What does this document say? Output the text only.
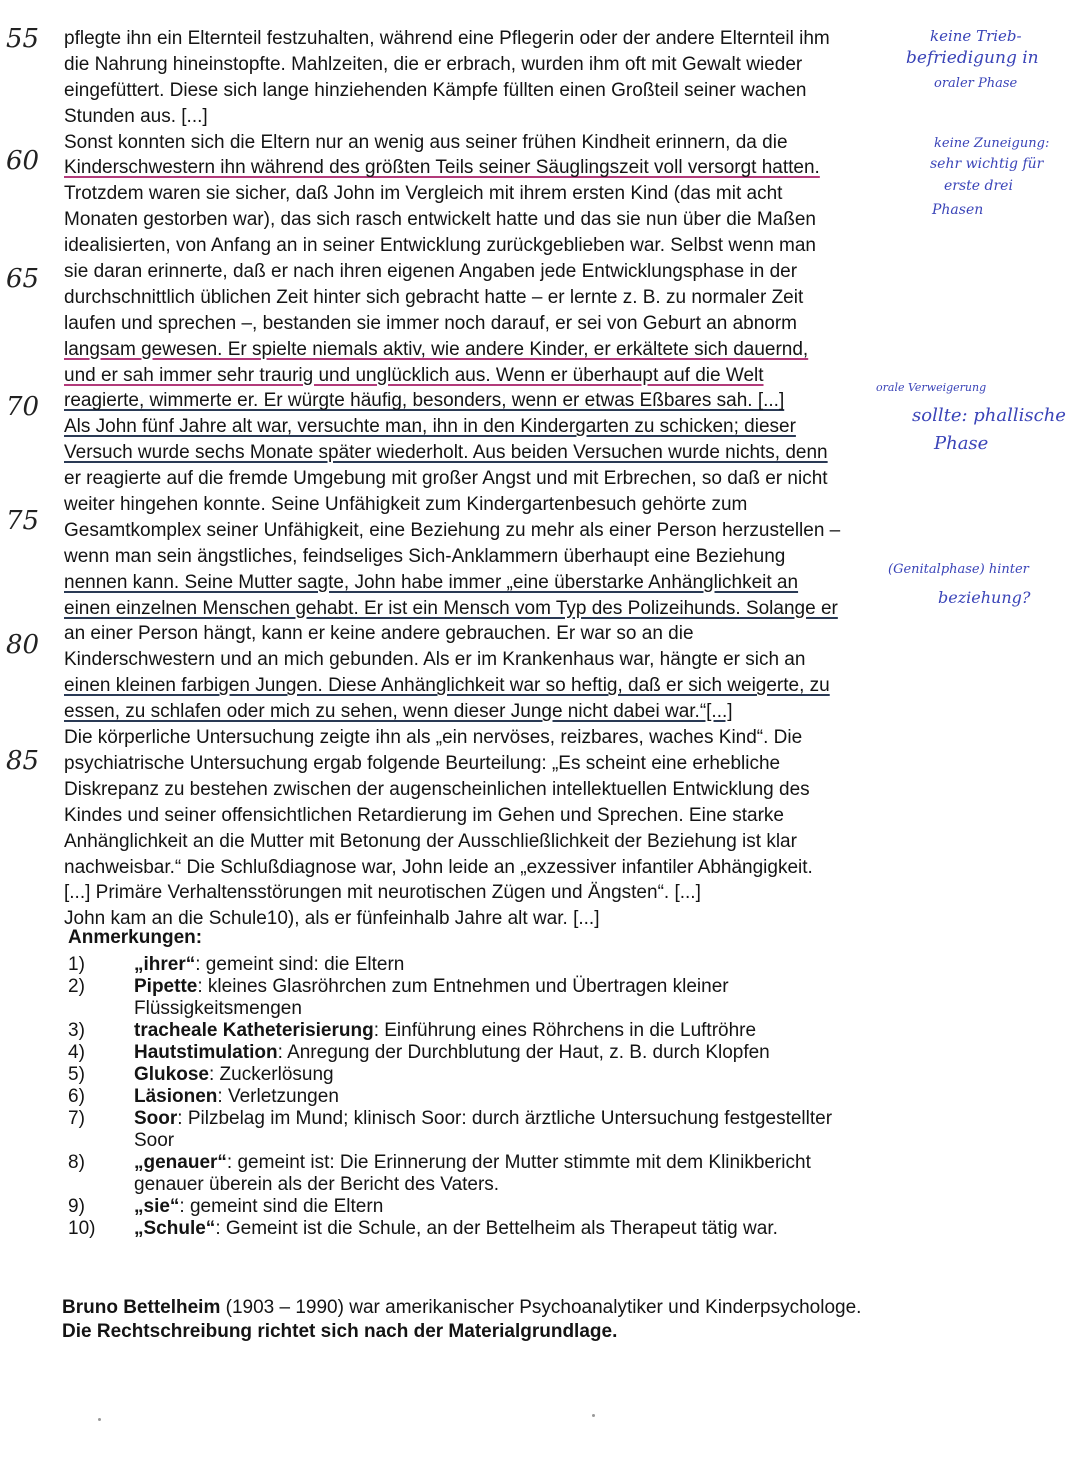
pflegte ihn ein Elternteil festzuhalten, während eine Pflegerin oder der andere Elternteil ihm
die Nahrung hineinstopfte. Mahlzeiten, die er erbrach, wurden ihm oft mit Gewalt wieder
eingefüttert. Diese sich lange hinziehenden Kämpfe füllten einen Großteil seiner wachen
Stunden aus. [...]
Sonst konnten sich die Eltern nur an wenig aus seiner frühen Kindheit erinnern, da die
Kinderschwestern ihn während des größten Teils seiner Säuglingszeit voll versorgt hatten.
Trotzdem waren sie sicher, daß John im Vergleich mit ihrem ersten Kind (das mit acht
Monaten gestorben war), das sich rasch entwickelt hatte und das sie nun über die Maßen
idealisierten, von Anfang an in seiner Entwicklung zurückgeblieben war. Selbst wenn man
sie daran erinnerte, daß er nach ihren eigenen Angaben jede Entwicklungsphase in der
durchschnittlich üblichen Zeit hinter sich gebracht hatte – er lernte z. B. zu normaler Zeit
laufen und sprechen –, bestanden sie immer noch darauf, er sei von Geburt an abnorm
langsam gewesen. Er spielte niemals aktiv, wie andere Kinder, er erkältete sich dauernd,
und er sah immer sehr traurig und unglücklich aus. Wenn er überhaupt auf die Welt
reagierte, wimmerte er. Er würgte häufig, besonders, wenn er etwas Eßbares sah. [...]
Als John fünf Jahre alt war, versuchte man, ihn in den Kindergarten zu schicken; dieser
Versuch wurde sechs Monate später wiederholt. Aus beiden Versuchen wurde nichts, denn
er reagierte auf die fremde Umgebung mit großer Angst und mit Erbrechen, so daß er nicht
weiter hingehen konnte. Seine Unfähigkeit zum Kindergartenbesuch gehörte zum
Gesamtkomplex seiner Unfähigkeit, eine Beziehung zu mehr als einer Person herzustellen –
wenn man sein ängstliches, feindseliges Sich-Anklammern überhaupt eine Beziehung
nennen kann. Seine Mutter sagte, John habe immer „eine überstarke Anhänglichkeit an
einen einzelnen Menschen gehabt. Er ist ein Mensch vom Typ des Polizeihunds. Solange er
an einer Person hängt, kann er keine andere gebrauchen. Er war so an die
Kinderschwestern und an mich gebunden. Als er im Krankenhaus war, hängte er sich an
einen kleinen farbigen Jungen. Diese Anhänglichkeit war so heftig, daß er sich weigerte, zu
essen, zu schlafen oder mich zu sehen, wenn dieser Junge nicht dabei war.“[...]
Die körperliche Untersuchung zeigte ihn als „ein nervöses, reizbares, waches Kind“. Die
psychiatrische Untersuchung ergab folgende Beurteilung: „Es scheint eine erhebliche
Diskrepanz zu bestehen zwischen der augenscheinlichen intellektuellen Entwicklung des
Kindes und seiner offensichtlichen Retardierung im Gehen und Sprechen. Eine starke
Anhänglichkeit an die Mutter mit Betonung der Ausschließlichkeit der Beziehung ist klar
nachweisbar.“ Die Schlußdiagnose war, John leide an „exzessiver infantiler Abhängigkeit.
[...] Primäre Verhaltensstörungen mit neurotischen Zügen und Ängsten“. [...]
John kam an die Schule10), als er fünfeinhalb Jahre alt war. [...]
55
60
65
70
75
80
85
keine Trieb-
befriedigung in
oraler Phase
keine Zuneigung:
sehr wichtig für
erste drei
Phasen
orale Verweigerung
sollte: phallische
Phase
(Genitalphase) hinter
beziehung?
Anmerkungen:
1)	„ihrer“: gemeint sind: die Eltern
2)	Pipette: kleines Glasröhrchen zum Entnehmen und Übertragen kleiner
Flüssigkeitsmengen
3)	tracheale Katheterisierung: Einführung eines Röhrchens in die Luftröhre
4)	Hautstimulation: Anregung der Durchblutung der Haut, z. B. durch Klopfen
5)	Glukose: Zuckerlösung
6)	Läsionen: Verletzungen
7)	Soor: Pilzbelag im Mund; klinisch Soor: durch ärztliche Untersuchung festgestellter
Soor
8)	„genauer“: gemeint ist: Die Erinnerung der Mutter stimmte mit dem Klinikbericht
genauer überein als der Bericht des Vaters.
9)	„sie“: gemeint sind die Eltern
10)	„Schule“: Gemeint ist die Schule, an der Bettelheim als Therapeut tätig war.
Bruno Bettelheim (1903 – 1990) war amerikanischer Psychoanalytiker und Kinderpsychologe.
Die Rechtschreibung richtet sich nach der Materialgrundlage.
